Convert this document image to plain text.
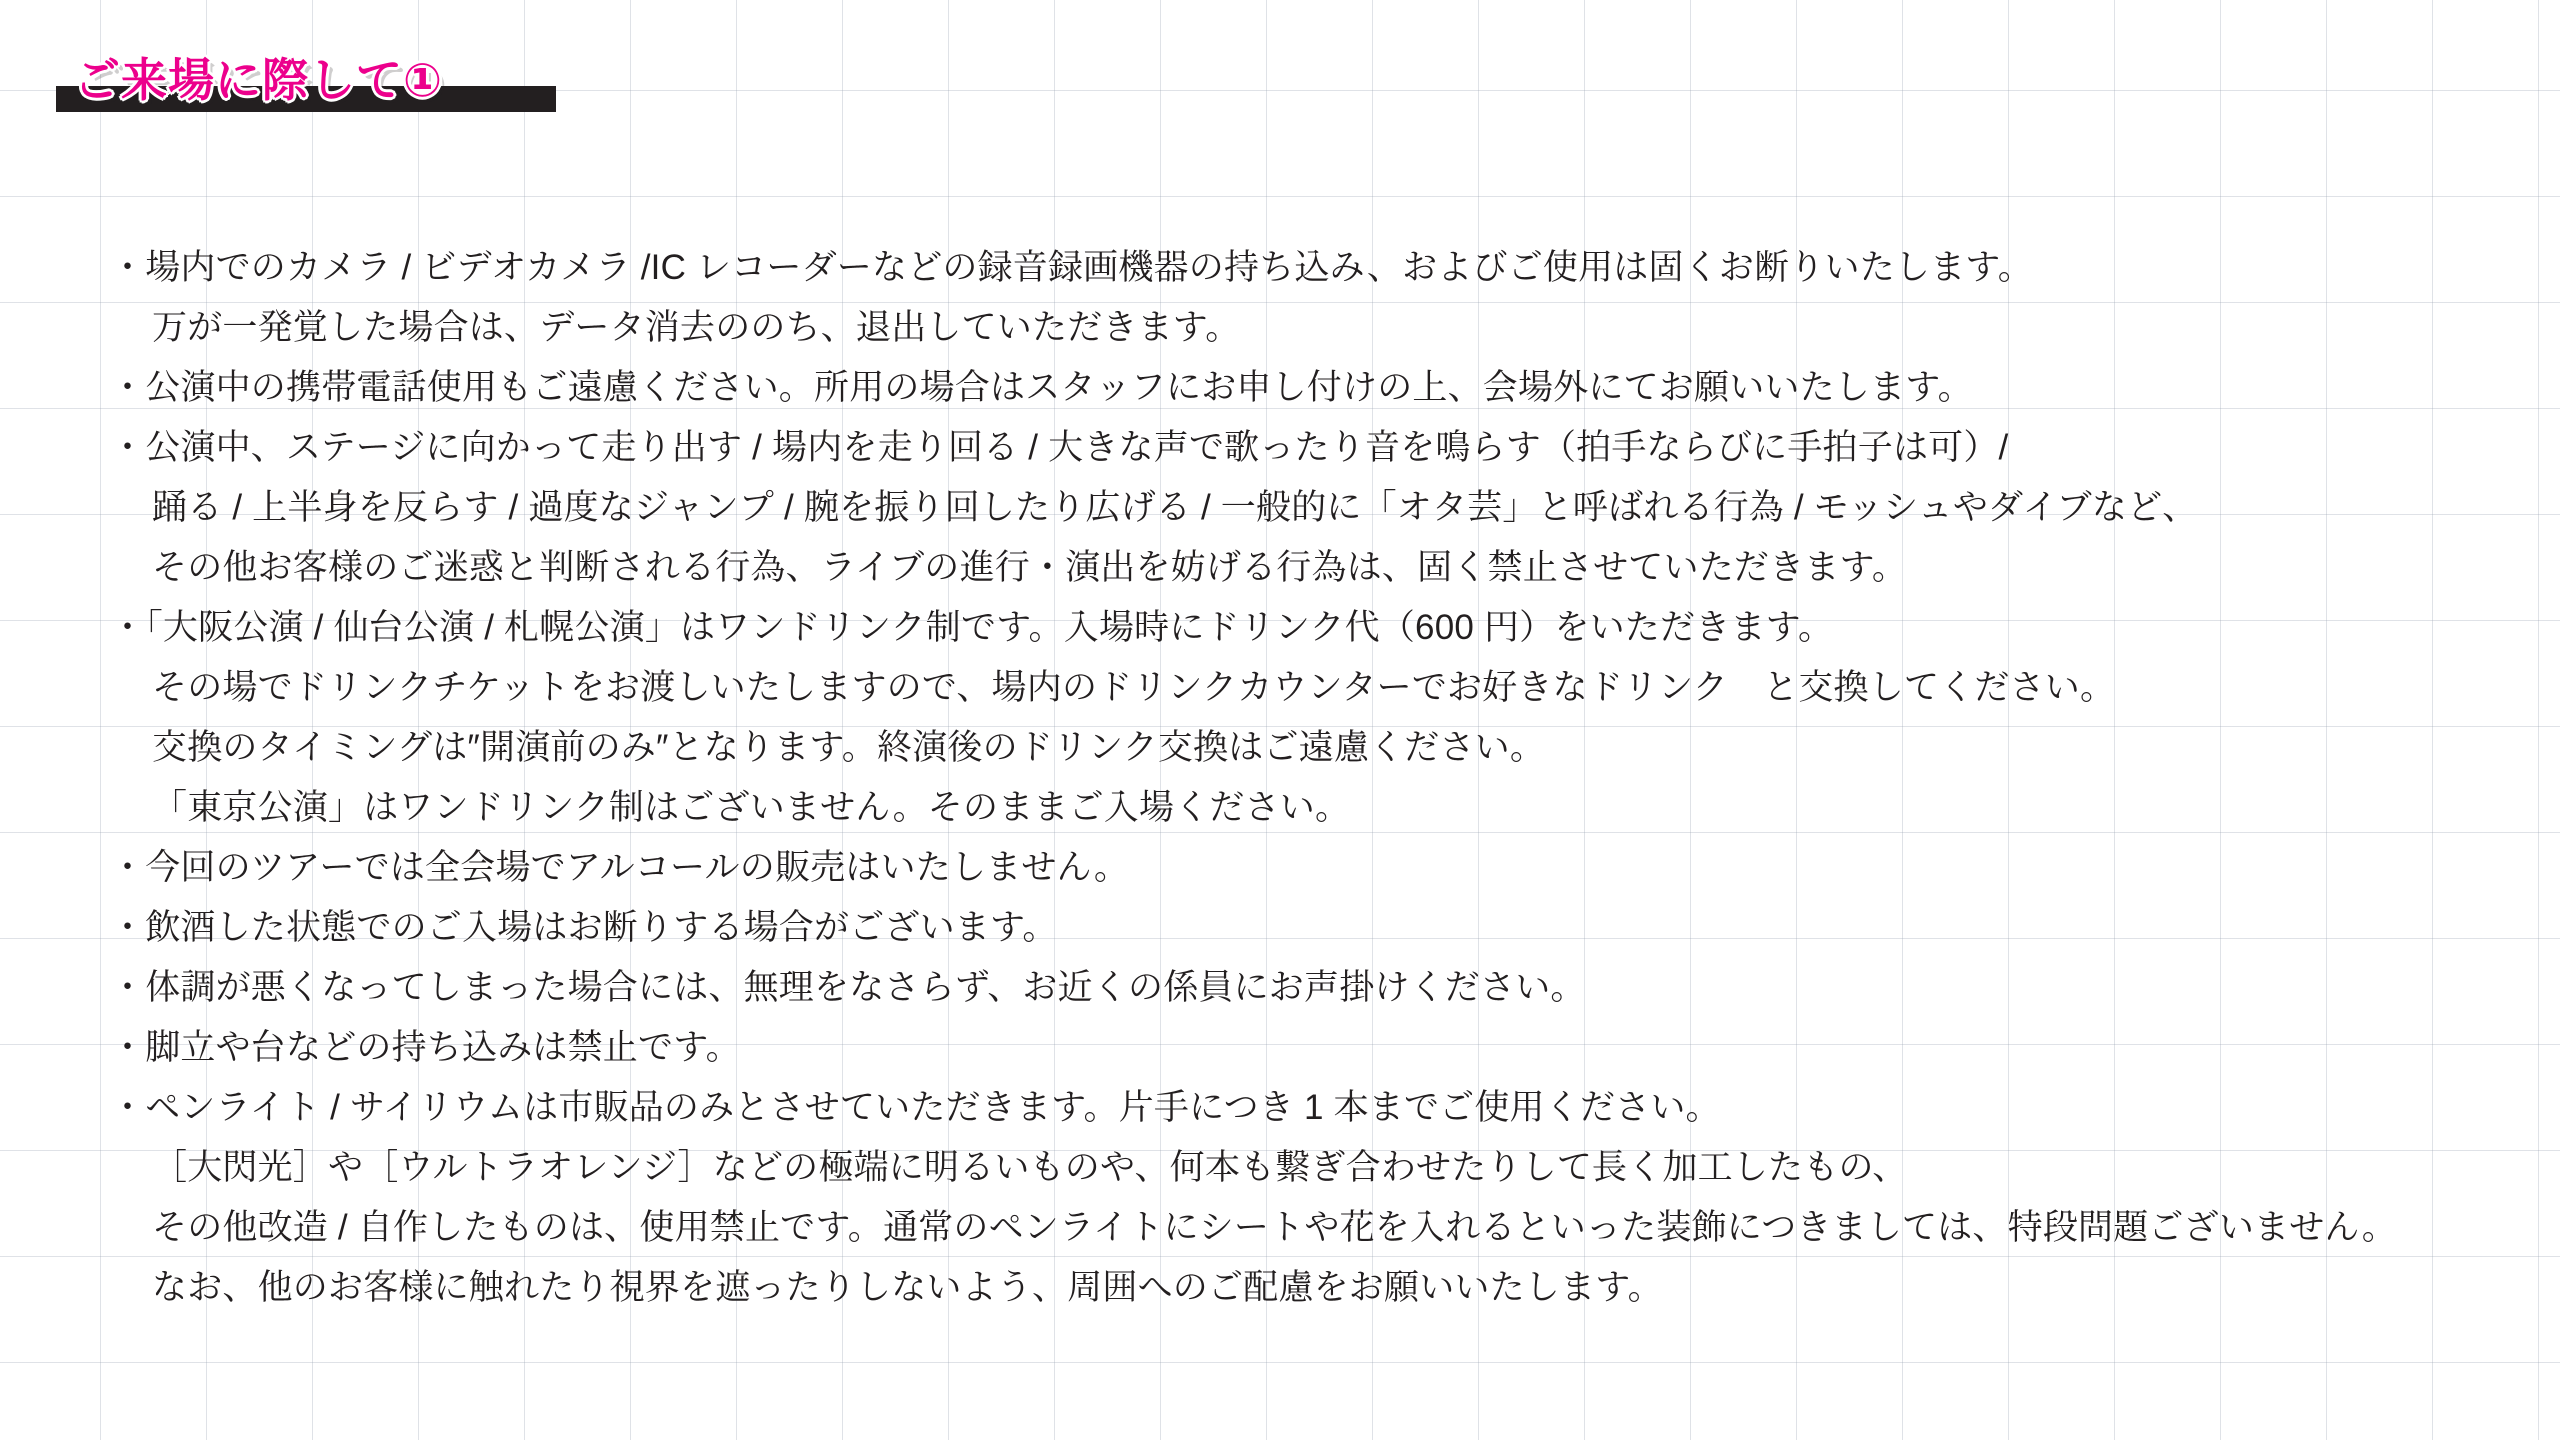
ご来場に際して①
・場内でのカメラ / ビデオカメラ /IC レコーダーなどの録音録画機器の持ち込み、およびご使用は固くお断りいたします。
万が一発覚した場合は、データ消去ののち、退出していただきます。
・公演中の携帯電話使用もご遠慮ください。所用の場合はスタッフにお申し付けの上、会場外にてお願いいたします。
・公演中、ステージに向かって走り出す / 場内を走り回る / 大きな声で歌ったり音を鳴らす（拍手ならびに手拍子は可）/
踊る / 上半身を反らす / 過度なジャンプ / 腕を振り回したり広げる / 一般的に「オタ芸」と呼ばれる行為 / モッシュやダイブなど、
その他お客様のご迷惑と判断される行為、ライブの進行・演出を妨げる行為は、固く禁止させていただきます。
・「大阪公演 / 仙台公演 / 札幌公演」はワンドリンク制です。入場時にドリンク代（600 円）をいただきます。
その場でドリンクチケットをお渡しいたしますので、場内のドリンクカウンターでお好きなドリンク　と交換してください。
交換のタイミングは″開演前のみ″となります。終演後のドリンク交換はご遠慮ください。
「東京公演」はワンドリンク制はございません。そのままご入場ください。
・今回のツアーでは全会場でアルコールの販売はいたしません。
・飲酒した状態でのご入場はお断りする場合がございます。
・体調が悪くなってしまった場合には、無理をなさらず、お近くの係員にお声掛けください。
・脚立や台などの持ち込みは禁止です。
・ペンライト / サイリウムは市販品のみとさせていただきます。片手につき 1 本までご使用ください。
［大閃光］や［ウルトラオレンジ］などの極端に明るいものや、何本も繋ぎ合わせたりして長く加工したもの、
その他改造 / 自作したものは、使用禁止です。通常のペンライトにシートや花を入れるといった装飾につきましては、特段問題ございません。
なお、他のお客様に触れたり視界を遮ったりしないよう、周囲へのご配慮をお願いいたします。
